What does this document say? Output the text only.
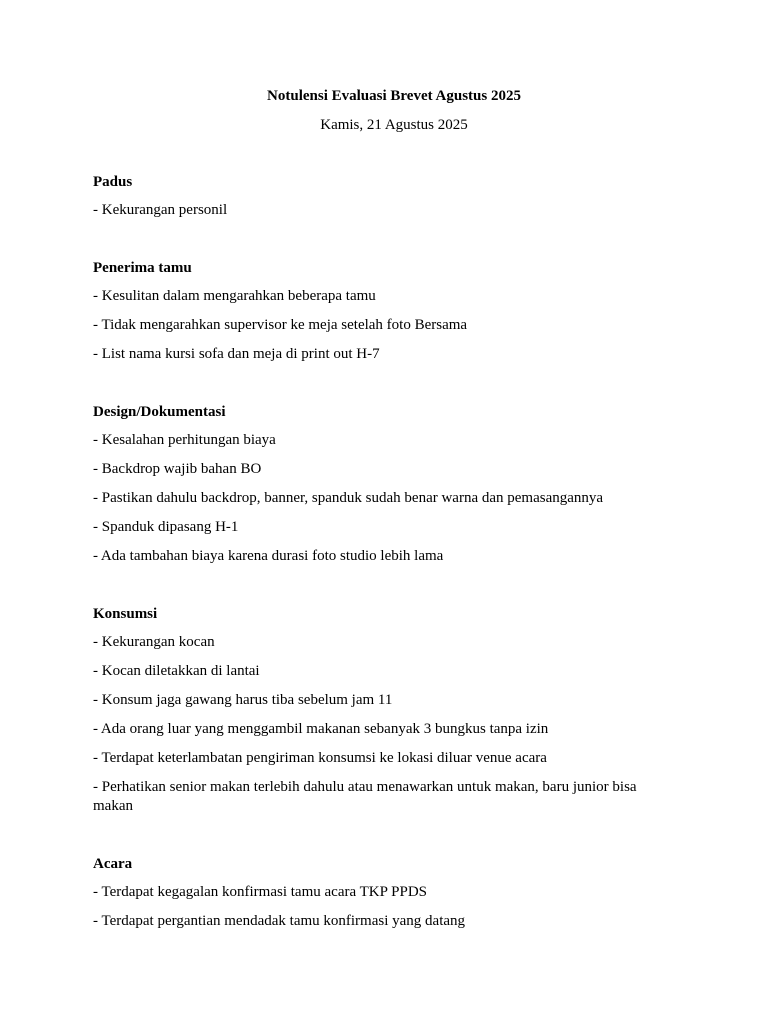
Notulensi Evaluasi Brevet Agustus 2025

Kamis, 21 Agustus 2025

Padus

- Kekurangan personil

Penerima tamu

- Kesulitan dalam mengarahkan beberapa tamu

- Tidak mengarahkan supervisor ke meja setelah foto Bersama

- List nama kursi sofa dan meja di print out H-7

Design/Dokumentasi

- Kesalahan perhitungan biaya

- Backdrop wajib bahan BO

- Pastikan dahulu backdrop, banner, spanduk sudah benar warna dan pemasangannya

- Spanduk dipasang H-1

- Ada tambahan biaya karena durasi foto studio lebih lama

Konsumsi

- Kekurangan kocan

- Kocan diletakkan di lantai

- Konsum jaga gawang harus tiba sebelum jam 11

- Ada orang luar yang menggambil makanan sebanyak 3 bungkus tanpa izin

- Terdapat keterlambatan pengiriman konsumsi ke lokasi diluar venue acara

- Perhatikan senior makan terlebih dahulu atau menawarkan untuk makan, baru junior bisa makan

Acara

- Terdapat kegagalan konfirmasi tamu acara TKP PPDS

- Terdapat pergantian mendadak tamu konfirmasi yang datang
